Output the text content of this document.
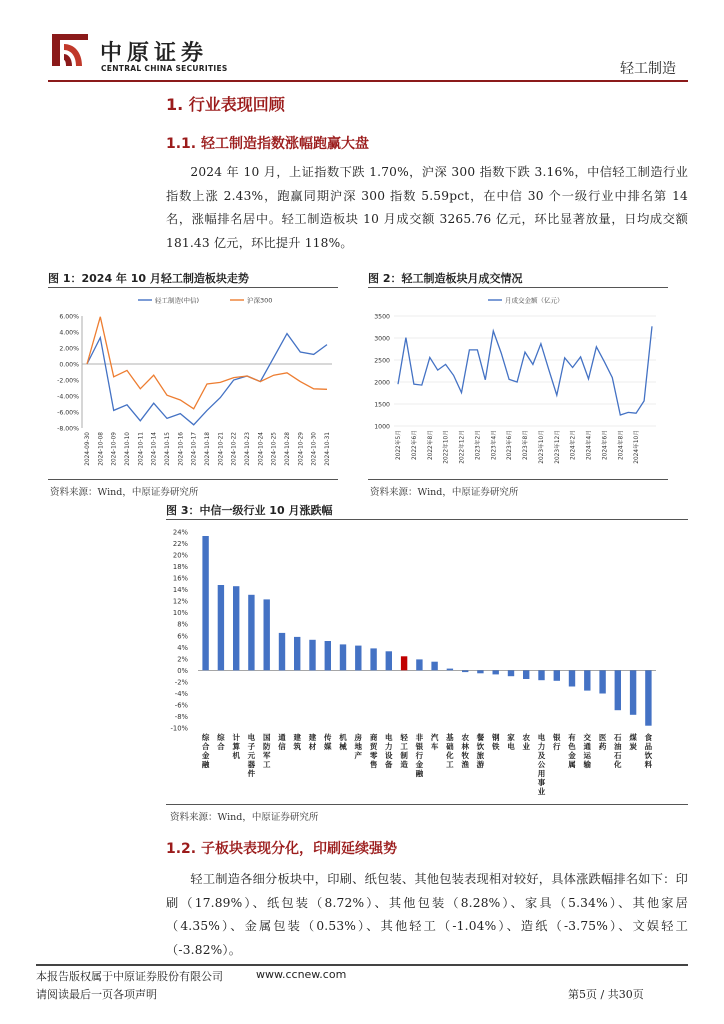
中原证券
CENTRAL CHINA SECURITIES	轻工制造
1. 行业表现回顾
1.1. 轻工制造指数涨幅跑赢大盘
2024 年 10 月，上证指数下跌 1.70%，沪深 300 指数下跌 3.16%，中信轻工制造行业指数上涨 2.43%，跑赢同期沪深 300 指数 5.59pct，在中信 30 个一级行业中排名第 14 名，涨幅排名居中。轻工制造板块 10 月成交额 3265.76 亿元，环比显著放量，日均成交额 181.43 亿元，环比提升 118%。
图 1：2024 年 10 月轻工制造板块走势
6.00%
4.00%
2.00%
0.00%
-2.00%
-4.00%
-6.00%
-8.00%
2024-09-30 2024-10-08 2024-10-09 2024-10-10 2024-10-11 2024-10-14 2024-10-15 2024-10-16 2024-10-17 2024-10-18 2024-10-21 2024-10-22 2024-10-23 2024-10-24 2024-10-25 2024-10-28 2024-10-29 2024-10-30 2024-10-31
轻工制造(中信)	沪深300
资料来源：Wind，中原证券研究所
图 2：轻工制造板块月成交情况
3500
3000
2500
2000
1500
1000
2022年5月	2022年6月	2022年8月	2022年10月	2022年12月	2023年2月	2023年4月	2023年6月	2023年8月	2023年10月	2023年12月	2024年2月	2024年4月	2024年6月	2024年8月	2024年10月
月成交金额（亿元）
资料来源：Wind，中原证券研究所
图 3：中信一级行业 10 月涨跌幅
24%
22%
20%
18%
16%
14%
12%
10%
8%
6%
4%
2%
0%
-2%
-4%
-6%
-8%
-10%
综
合
金
融
综
合
计
算
机
电
子
元
器
件
国
防
军
工
通
信
建
筑
建
材
传
媒
机
械
房
地
产
商
贸
零
售
电
力
设
备
轻
工
制
造
非
银
行
金
融
汽
车
基
础
化
工
农
林
牧
渔
餐
饮
旅
游
钢
铁
家
电
农
业
电
力
及
公
用
事
业
银
行
有
色
金
属
交
通
运
输
医
药
石
油
石
化
煤
炭
食
品
饮
料
资料来源：Wind，中原证券研究所
1.2. 子板块表现分化，印刷延续强势
轻工制造各细分板块中，印刷、纸包装、其他包装表现相对较好，具体涨跌幅排名如下：印刷（17.89%）、纸包装（8.72%）、其他包装（8.28%）、家具（5.34%）、其他家居（4.35%）、金属包装（0.53%）、其他轻工（-1.04%）、造纸（-3.75%）、文娱轻工（-3.82%）。
本报告版权属于中原证券股份有限公司	www.ccnew.com
请阅读最后一页各项声明	第5页 / 共30页
